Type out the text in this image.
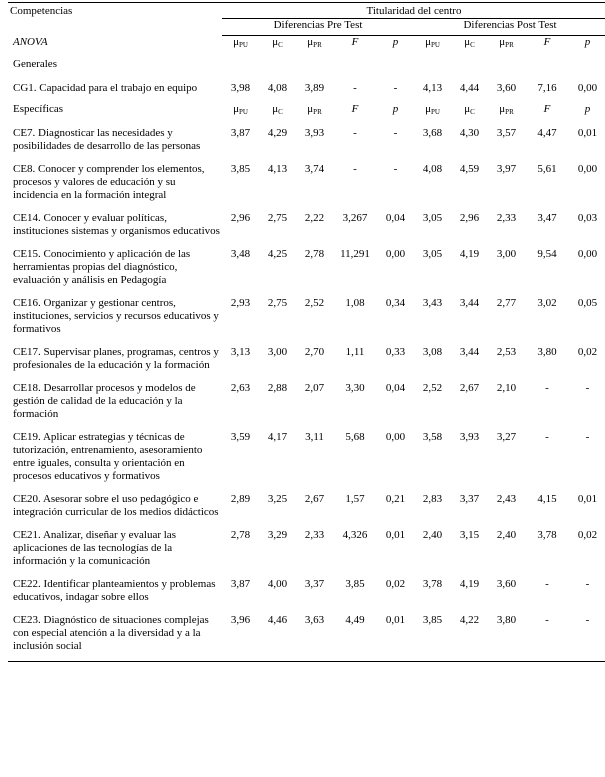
Competencias	Titularidad del centro									
	Diferencias Pre Test					Diferencias Post Test				
ANOVA	$\mu_{PU}$	$\mu_C$	$\mu_{PR}$	F	p	$\mu_{PU}$	$\mu_C$	$\mu_{PR}$	F	p
Generales										
CG1. Capacidad para el trabajo en equipo	3,98	4,08	3,89	-	-	4,13	4,44	3,60	7,16	0,00
Específicas	$\mu_{PU}$	$\mu_C$	$\mu_{PR}$	F	p	$\mu_{PU}$	$\mu_C$	$\mu_{PR}$	F	p
CE7. Diagnosticar las necesidades y posibilidades de desarrollo de las personas	3,87	4,29	3,93	-	-	3,68	4,30	3,57	4,47	0,01
CE8. Conocer y comprender los elementos, procesos y valores de educación y su incidencia en la formación integral	3,85	4,13	3,74	-	-	4,08	4,59	3,97	5,61	0,00
CE14. Conocer y evaluar políticas, instituciones sistemas y organismos educativos	2,96	2,75	2,22	3,267	0,04	3,05	2,96	2,33	3,47	0,03
CE15. Conocimiento y aplicación de las herramientas propias del diagnóstico, evaluación y análisis en Pedagogía	3,48	4,25	2,78	11,291	0,00	3,05	4,19	3,00	9,54	0,00
CE16. Organizar y gestionar centros, instituciones, servicios y recursos educativos y formativos	2,93	2,75	2,52	1,08	0,34	3,43	3,44	2,77	3,02	0,05
CE17. Supervisar planes, programas, centros y profesionales de la educación y la formación	3,13	3,00	2,70	1,11	0,33	3,08	3,44	2,53	3,80	0,02
CE18. Desarrollar procesos y modelos de gestión de calidad de la educación y la formación	2,63	2,88	2,07	3,30	0,04	2,52	2,67	2,10	-	-
CE19. Aplicar estrategias y técnicas de tutorización, entrenamiento, asesoramiento entre iguales, consulta y orientación en procesos educativos y formativos	3,59	4,17	3,11	5,68	0,00	3,58	3,93	3,27	-	-
CE20. Asesorar sobre el uso pedagógico e integración curricular de los medios didácticos	2,89	3,25	2,67	1,57	0,21	2,83	3,37	2,43	4,15	0,01
CE21. Analizar, diseñar y evaluar las aplicaciones de las tecnologías de la información y la comunicación	2,78	3,29	2,33	4,326	0,01	2,40	3,15	2,40	3,78	0,02
CE22. Identificar planteamientos y problemas educativos, indagar sobre ellos	3,87	4,00	3,37	3,85	0,02	3,78	4,19	3,60	-	-
CE23. Diagnóstico de situaciones complejas con especial atención a la diversidad y a la inclusión social	3,96	4,46	3,63	4,49	0,01	3,85	4,22	3,80	-	-
